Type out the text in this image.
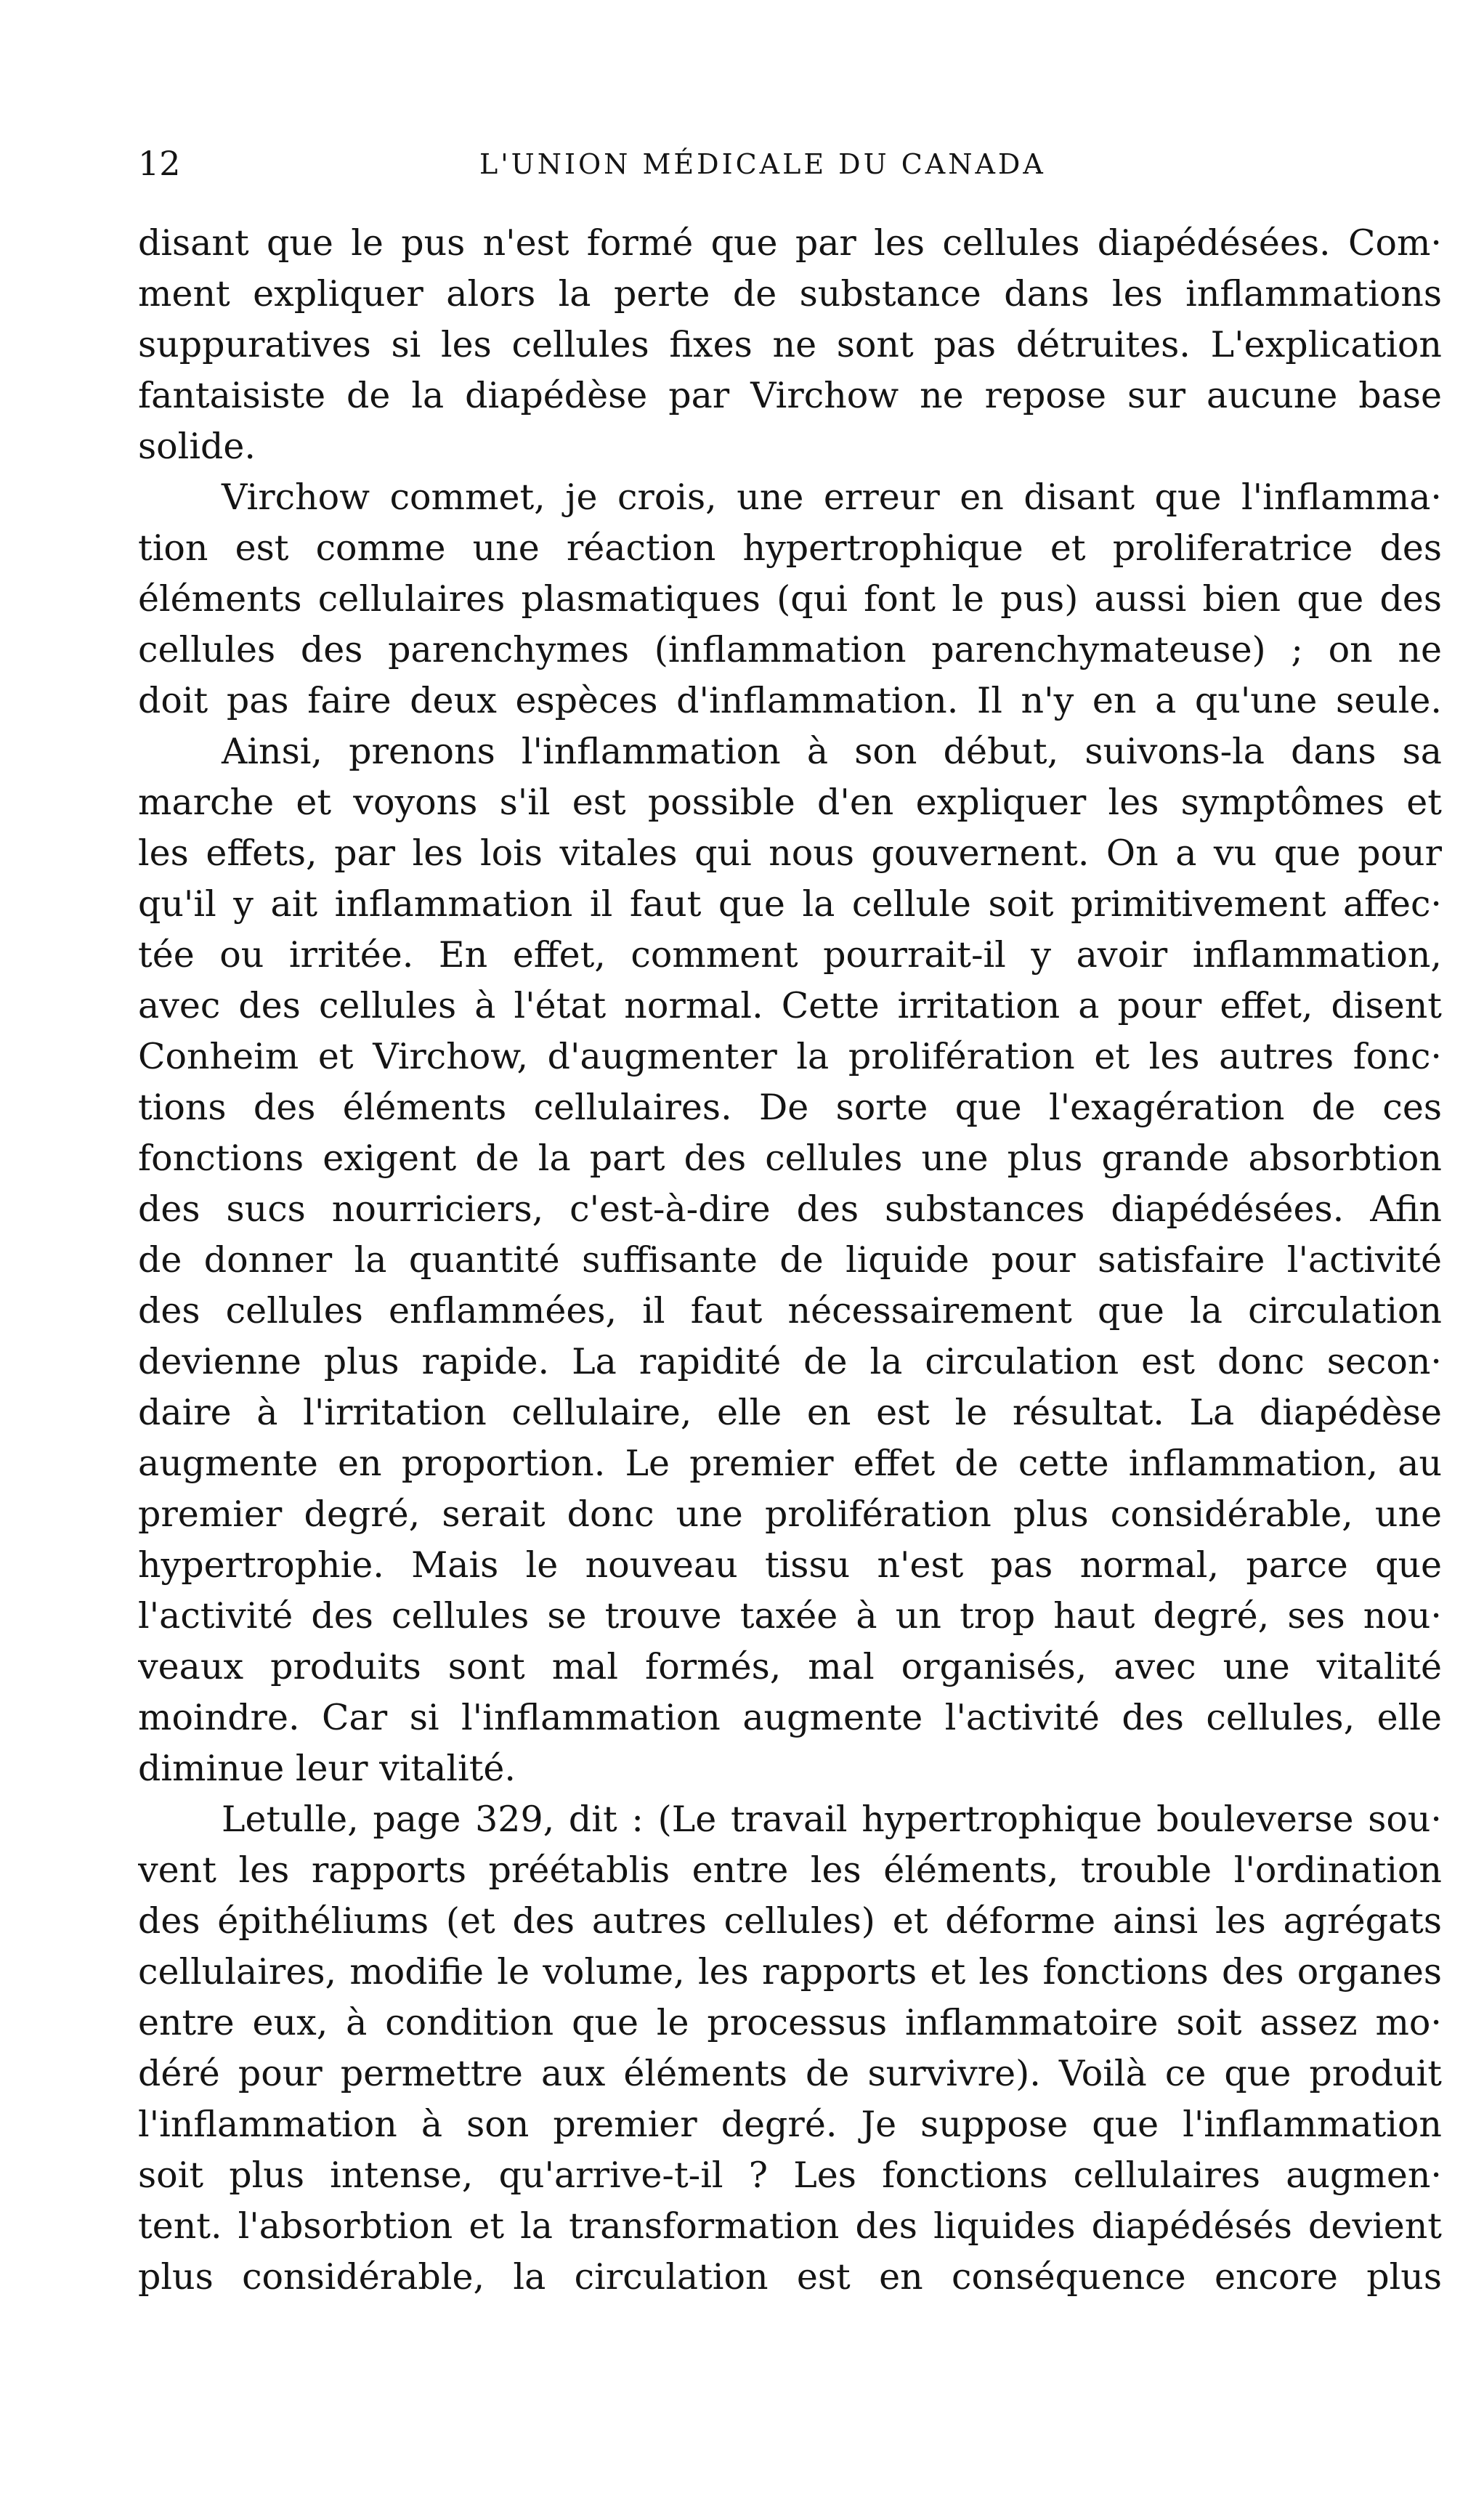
12	L'UNION MÉDICALE DU CANADA
disant que le pus n'est formé que par les cellules diapédésées. Com·
ment expliquer alors la perte de substance dans les inflammations
suppuratives si les cellules fixes ne sont pas détruites. L'explication
fantaisiste de la diapédèse par Virchow ne repose sur aucune base
solide.
Virchow commet, je crois, une erreur en disant que l'inflamma·
tion est comme une réaction hypertrophique et proliferatrice des
éléments cellulaires plasmatiques (qui font le pus) aussi bien que des
cellules des parenchymes (inflammation parenchymateuse) ; on ne
doit pas faire deux espèces d'inflammation. Il n'y en a qu'une seule.
Ainsi, prenons l'inflammation à son début, suivons-la dans sa
marche et voyons s'il est possible d'en expliquer les symptômes et
les effets, par les lois vitales qui nous gouvernent. On a vu que pour
qu'il y ait inflammation il faut que la cellule soit primitivement affec·
tée ou irritée. En effet, comment pourrait-il y avoir inflammation,
avec des cellules à l'état normal. Cette irritation a pour effet, disent
Conheim et Virchow, d'augmenter la prolifération et les autres fonc·
tions des éléments cellulaires. De sorte que l'exagération de ces
fonctions exigent de la part des cellules une plus grande absorbtion
des sucs nourriciers, c'est-à-dire des substances diapédésées. Afin
de donner la quantité suffisante de liquide pour satisfaire l'activité
des cellules enflammées, il faut nécessairement que la circulation
devienne plus rapide. La rapidité de la circulation est donc secon·
daire à l'irritation cellulaire, elle en est le résultat. La diapédèse
augmente en proportion. Le premier effet de cette inflammation, au
premier degré, serait donc une prolifération plus considérable, une
hypertrophie. Mais le nouveau tissu n'est pas normal, parce que
l'activité des cellules se trouve taxée à un trop haut degré, ses nou·
veaux produits sont mal formés, mal organisés, avec une vitalité
moindre. Car si l'inflammation augmente l'activité des cellules, elle
diminue leur vitalité.
Letulle, page 329, dit : (Le travail hypertrophique bouleverse sou·
vent les rapports préétablis entre les éléments, trouble l'ordination
des épithéliums (et des autres cellules) et déforme ainsi les agrégats
cellulaires, modifie le volume, les rapports et les fonctions des organes
entre eux, à condition que le processus inflammatoire soit assez mo·
déré pour permettre aux éléments de survivre). Voilà ce que produit
l'inflammation à son premier degré. Je suppose que l'inflammation
soit plus intense, qu'arrive-t-il ? Les fonctions cellulaires augmen·
tent. l'absorbtion et la transformation des liquides diapédésés devient
plus considérable, la circulation est en conséquence encore plus
